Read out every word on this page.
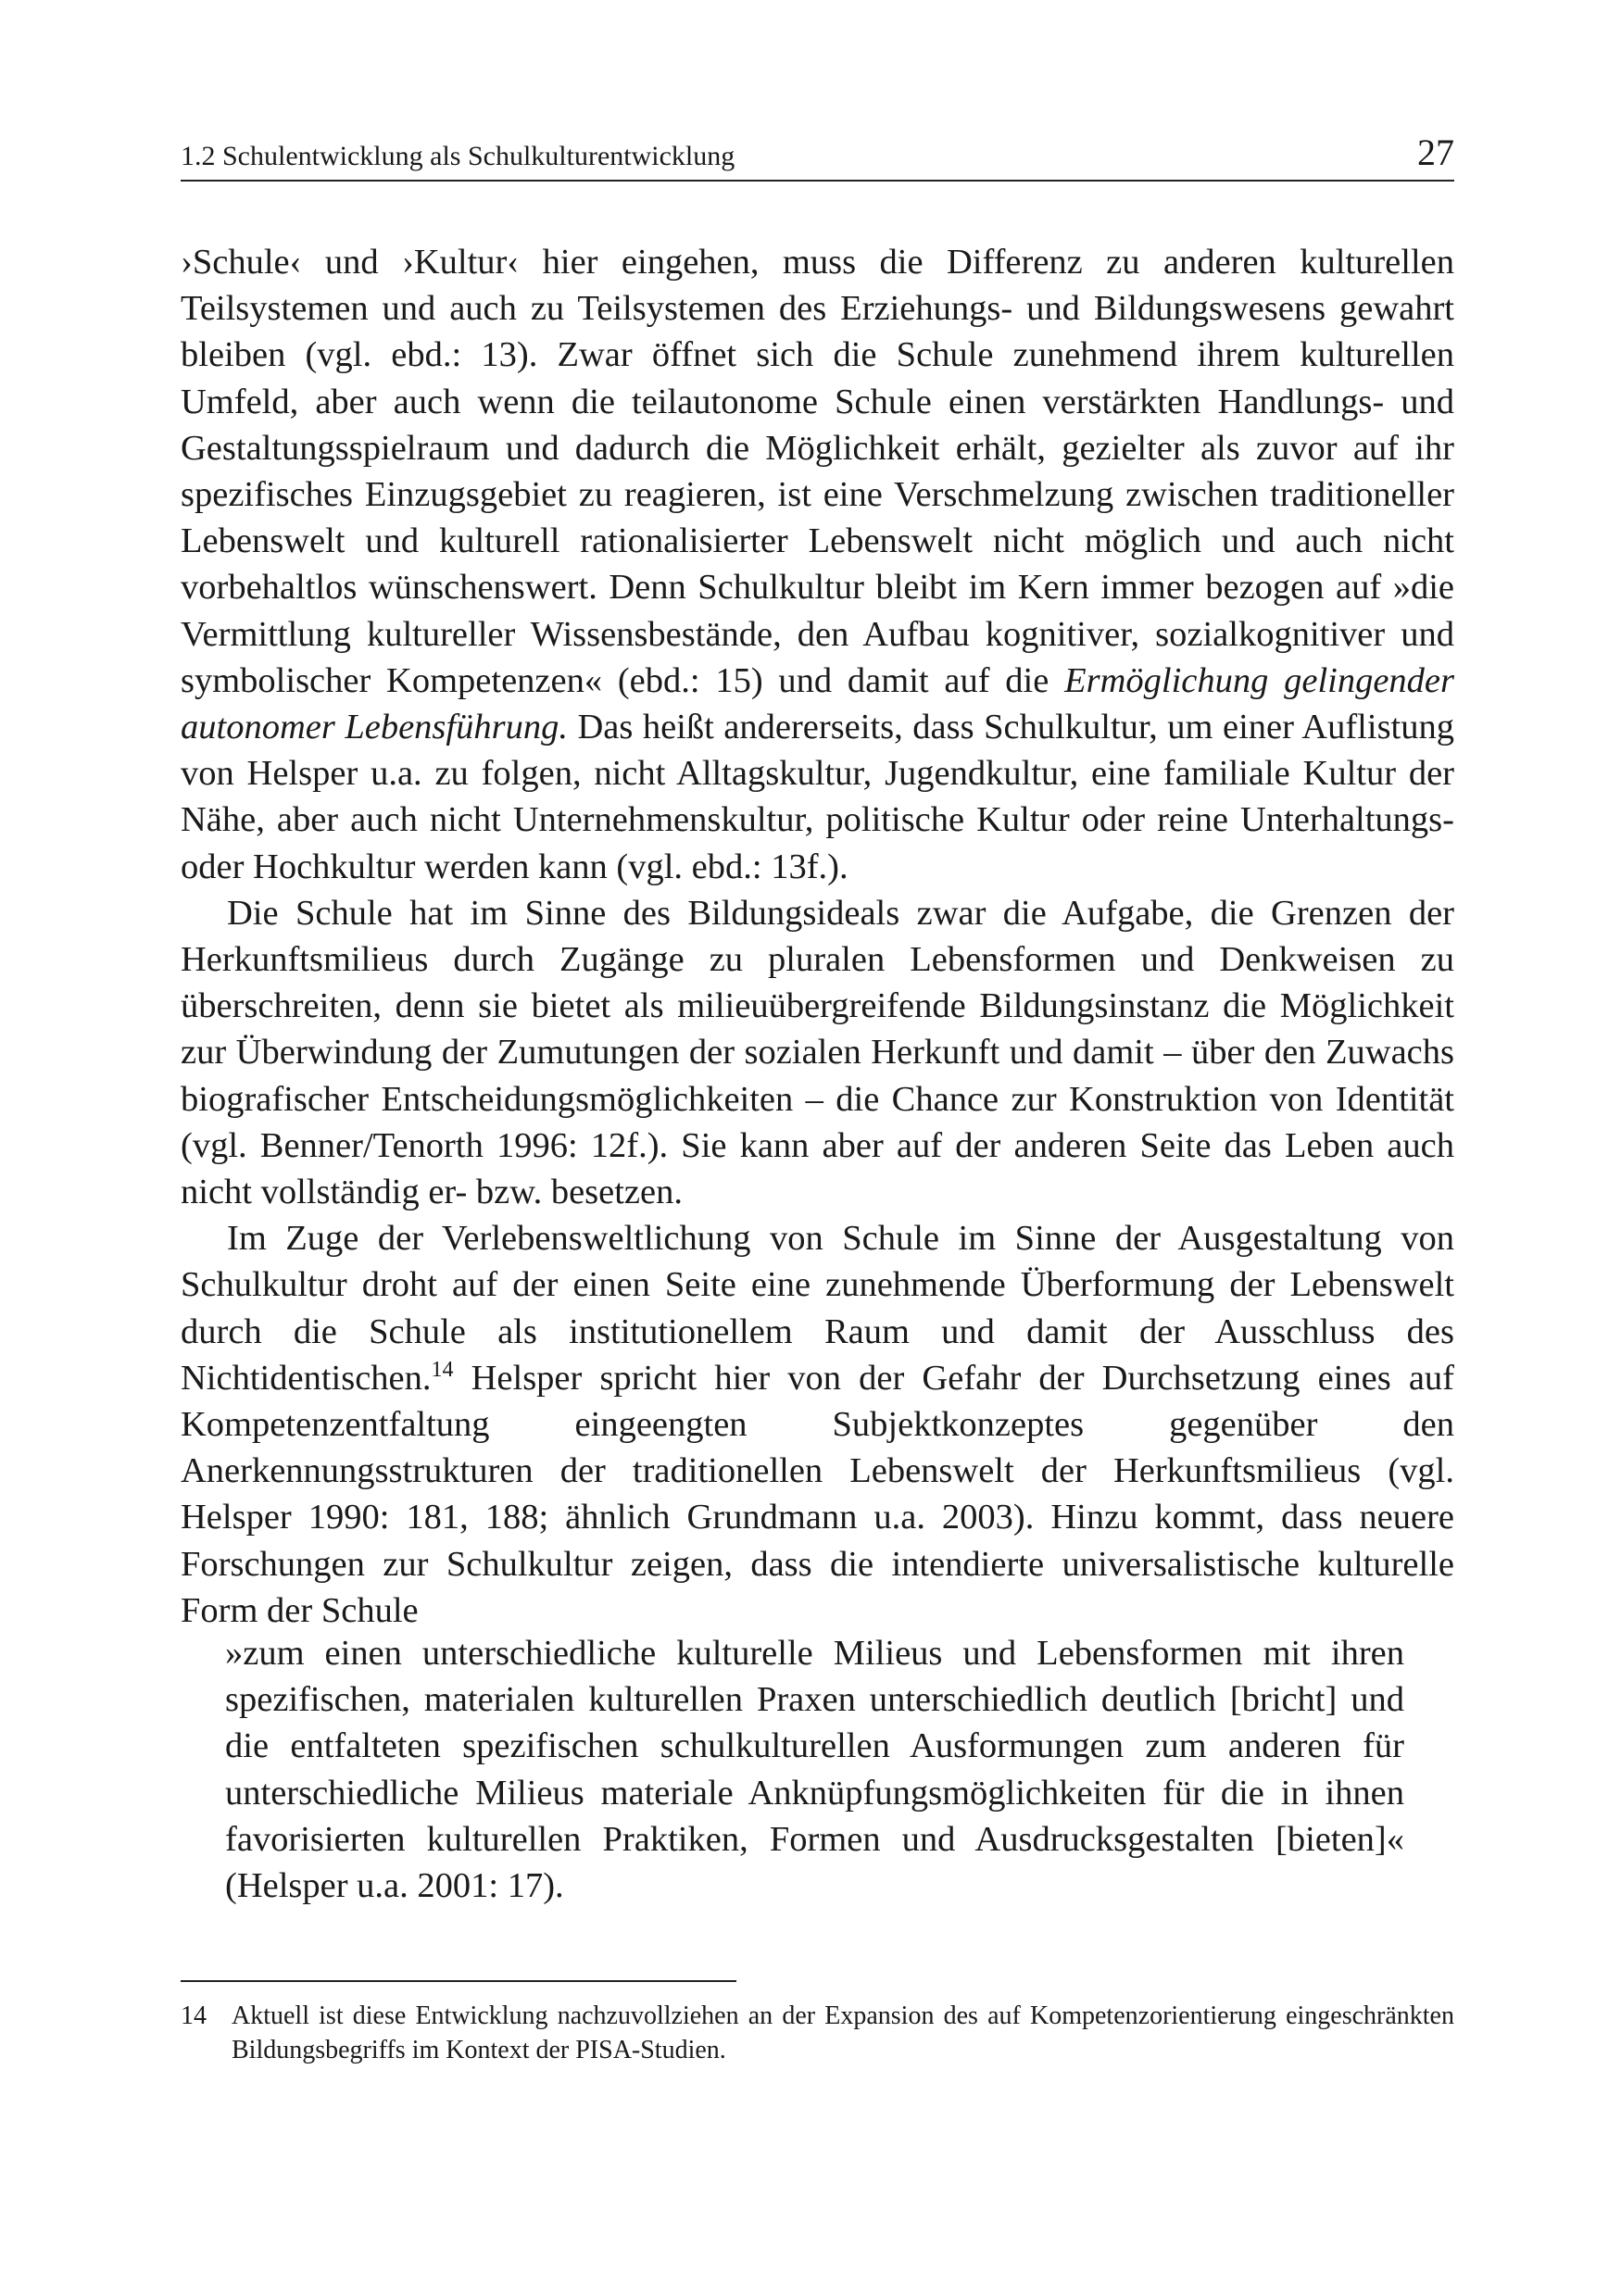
1.2 Schulentwicklung als Schulkulturentwicklung	27

›Schule‹ und ›Kultur‹ hier eingehen, muss die Differenz zu anderen kulturellen Teilsystemen und auch zu Teilsystemen des Erziehungs- und Bildungswesens gewahrt bleiben (vgl. ebd.: 13). Zwar öffnet sich die Schule zunehmend ihrem kulturellen Umfeld, aber auch wenn die teilautonome Schule einen verstärkten Handlungs- und Gestaltungsspielraum und dadurch die Möglichkeit erhält, gezielter als zuvor auf ihr spezifisches Einzugsgebiet zu reagieren, ist eine Verschmelzung zwischen traditioneller Lebenswelt und kulturell rationalisierter Lebenswelt nicht möglich und auch nicht vorbehaltlos wünschenswert. Denn Schulkultur bleibt im Kern immer bezogen auf »die Vermittlung kultureller Wissensbestände, den Aufbau kognitiver, sozialkognitiver und symbolischer Kompetenzen« (ebd.: 15) und damit auf die Ermöglichung gelingender autonomer Lebensführung. Das heißt andererseits, dass Schulkultur, um einer Auflistung von Helsper u.a. zu folgen, nicht Alltagskultur, Jugendkultur, eine familiale Kultur der Nähe, aber auch nicht Unternehmenskultur, politische Kultur oder reine Unterhaltungs- oder Hochkultur werden kann (vgl. ebd.: 13f.).

Die Schule hat im Sinne des Bildungsideals zwar die Aufgabe, die Grenzen der Herkunftsmilieus durch Zugänge zu pluralen Lebensformen und Denkweisen zu überschreiten, denn sie bietet als milieuübergreifende Bildungsinstanz die Möglichkeit zur Überwindung der Zumutungen der sozialen Herkunft und damit – über den Zuwachs biografischer Entscheidungsmöglichkeiten – die Chance zur Konstruktion von Identität (vgl. Benner/Tenorth 1996: 12f.). Sie kann aber auf der anderen Seite das Leben auch nicht vollständig er- bzw. besetzen.

Im Zuge der Verlebensweltlichung von Schule im Sinne der Ausgestaltung von Schulkultur droht auf der einen Seite eine zunehmende Überformung der Lebenswelt durch die Schule als institutionellem Raum und damit der Ausschluss des Nichtidentischen.$^{14}$ Helsper spricht hier von der Gefahr der Durchsetzung eines auf Kompetenzentfaltung eingeengten Subjektkonzeptes gegenüber den Anerkennungsstrukturen der traditionellen Lebenswelt der Herkunftsmilieus (vgl. Helsper 1990: 181, 188; ähnlich Grundmann u.a. 2003). Hinzu kommt, dass neuere Forschungen zur Schulkultur zeigen, dass die intendierte universalistische kulturelle Form der Schule

»zum einen unterschiedliche kulturelle Milieus und Lebensformen mit ihren spezifischen, materialen kulturellen Praxen unterschiedlich deutlich [bricht] und die entfalteten spezifischen schulkulturellen Ausformungen zum anderen für unterschiedliche Milieus materiale Anknüpfungsmöglichkeiten für die in ihnen favorisierten kulturellen Praktiken, Formen und Ausdrucksgestalten [bieten]« (Helsper u.a. 2001: 17).

14 Aktuell ist diese Entwicklung nachzuvollziehen an der Expansion des auf Kompetenzorientierung eingeschränkten Bildungsbegriffs im Kontext der PISA-Studien.
